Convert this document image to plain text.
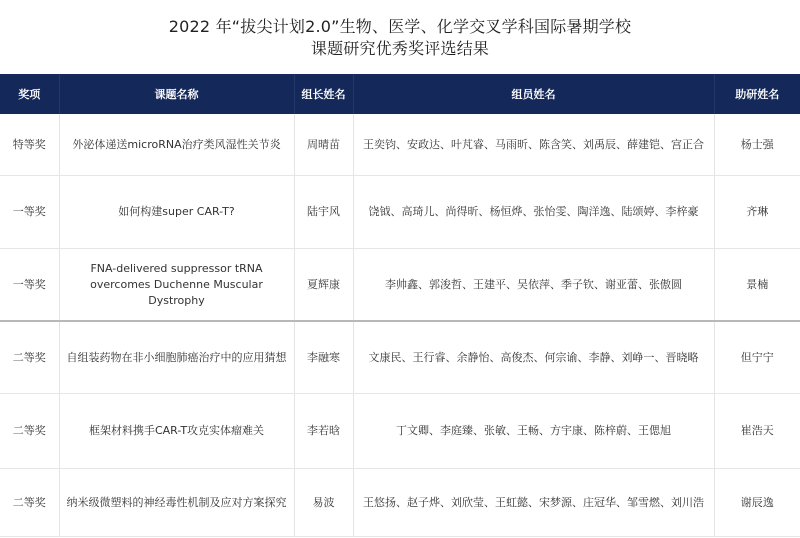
2022 年“拔尖计划2.0”生物、医学、化学交叉学科国际暑期学校
课题研究优秀奖评选结果
奖项	课题名称	组长姓名	组员姓名	助研姓名
特等奖	外泌体递送microRNA治疗类风湿性关节炎	周晴苗	王奕钧、安政达、叶芃睿、马雨昕、陈含笑、刘禹辰、薛建铠、宫正合	杨士强
一等奖	如何构建super CAR-T?	陆宇风	饶钺、高琦儿、尚得昕、杨恒烨、张怡雯、陶洋逸、陆颂婷、李梓豪	齐琳
一等奖	FNA-delivered suppressor tRNA overcomes Duchenne Muscular Dystrophy	夏辉康	李帅鑫、郭浚哲、王建平、吴依萍、季子钦、谢亚蕾、张傲圆	景楠
二等奖	自组装药物在非小细胞肺癌治疗中的应用猜想	李融寒	文康民、王行睿、余静怡、高俊杰、何宗谕、李静、刘峥一、晋晓略	但宁宁
二等奖	框架材料携手CAR-T攻克实体瘤难关	李若晗	丁文卿、李庭臻、张敏、王畅、方宇康、陈梓蔚、王偲旭	崔浩天
二等奖	纳米级微塑料的神经毒性机制及应对方案探究	易波	王悠扬、赵子烨、刘欣莹、王虹懿、宋梦源、庄冠华、邹雪燃、刘川浩	谢辰逸
